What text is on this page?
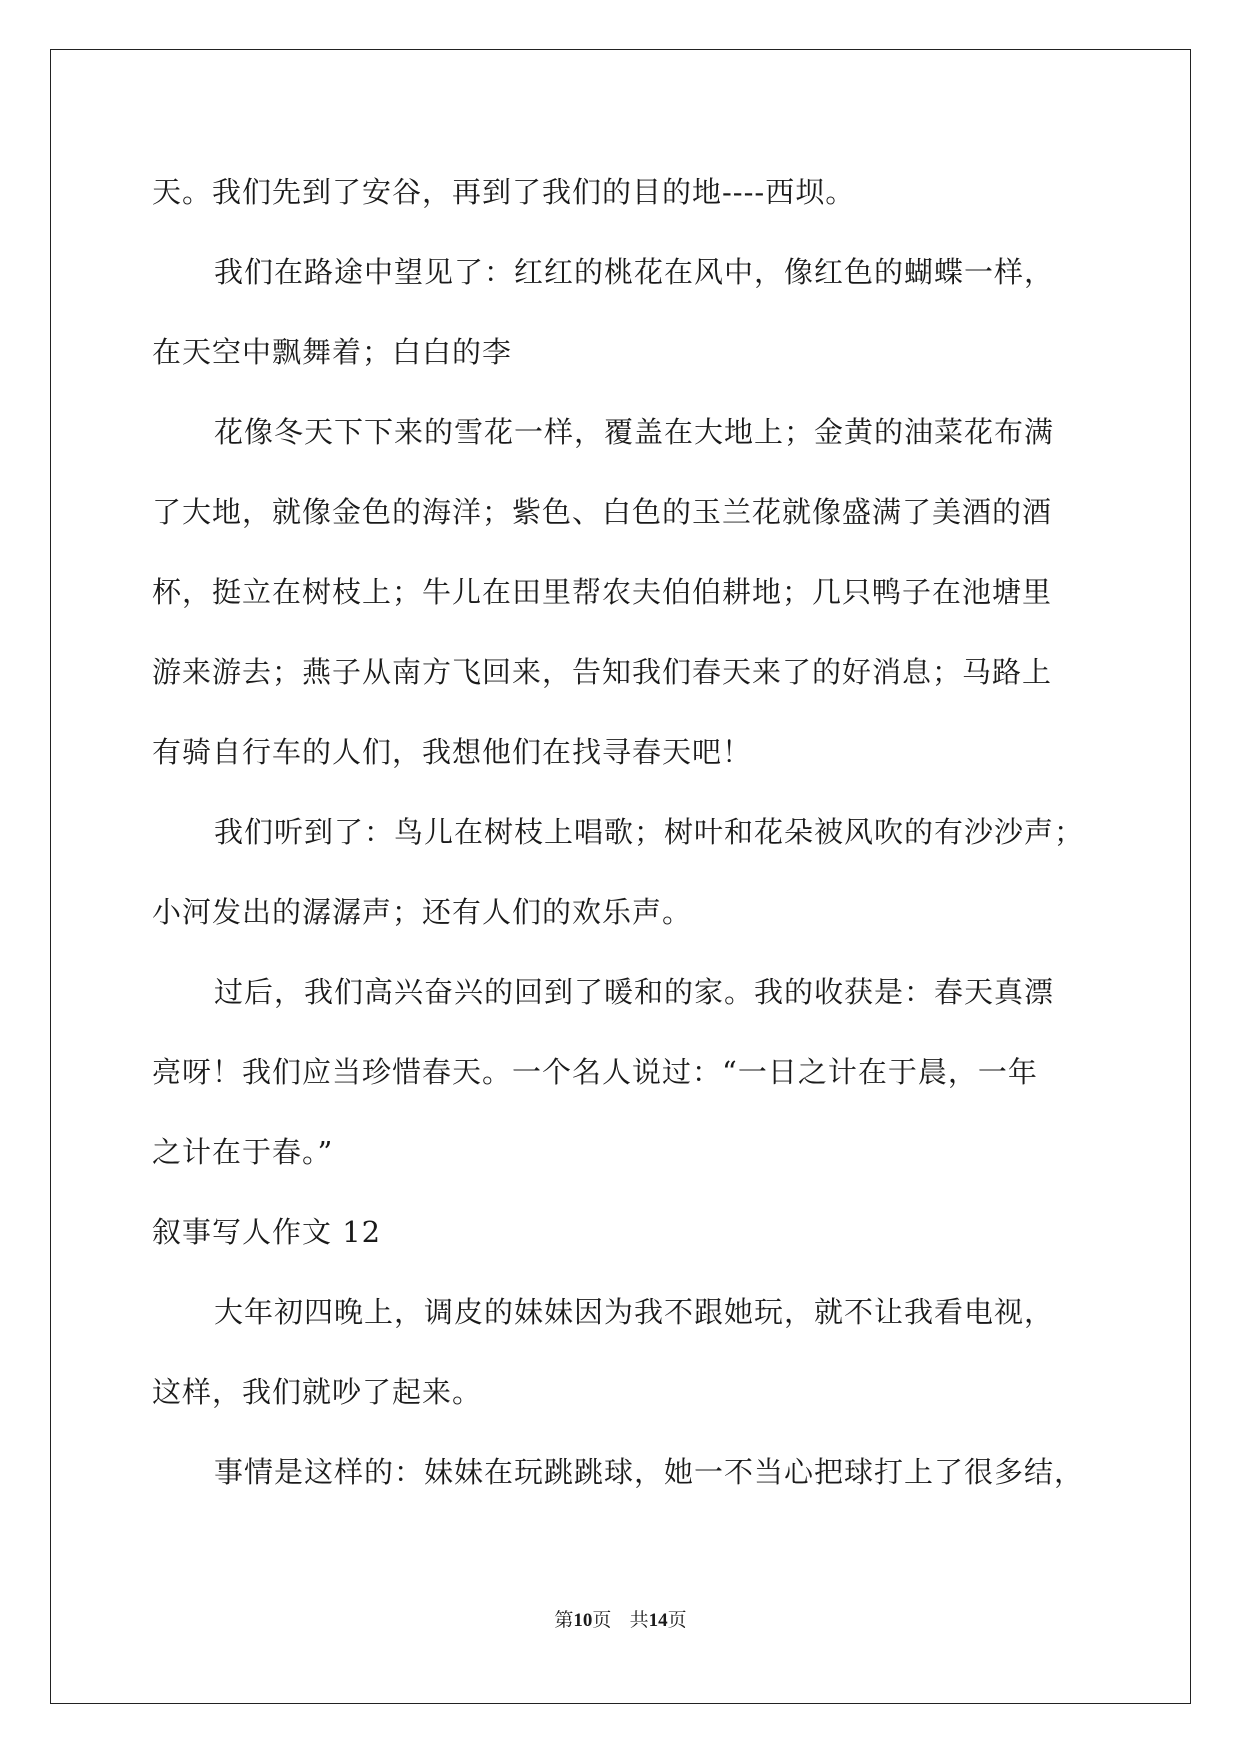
天。我们先到了安谷，再到了我们的目的地----西坝。
我们在路途中望见了：红红的桃花在风中，像红色的蝴蝶一样，
在天空中飘舞着；白白的李
花像冬天下下来的雪花一样，覆盖在大地上；金黄的油菜花布满
了大地，就像金色的海洋；紫色、白色的玉兰花就像盛满了美酒的酒
杯，挺立在树枝上；牛儿在田里帮农夫伯伯耕地；几只鸭子在池塘里
游来游去；燕子从南方飞回来，告知我们春天来了的好消息；马路上
有骑自行车的人们，我想他们在找寻春天吧！
我们听到了：鸟儿在树枝上唱歌；树叶和花朵被风吹的有沙沙声；
小河发出的潺潺声；还有人们的欢乐声。
过后，我们高兴奋兴的回到了暖和的家。我的收获是：春天真漂
亮呀！我们应当珍惜春天。一个名人说过：“一日之计在于晨，一年
之计在于春。”
叙事写人作文 12
大年初四晚上，调皮的妹妹因为我不跟她玩，就不让我看电视，
这样，我们就吵了起来。
事情是这样的：妹妹在玩跳跳球，她一不当心把球打上了很多结，
第10页 共14页
